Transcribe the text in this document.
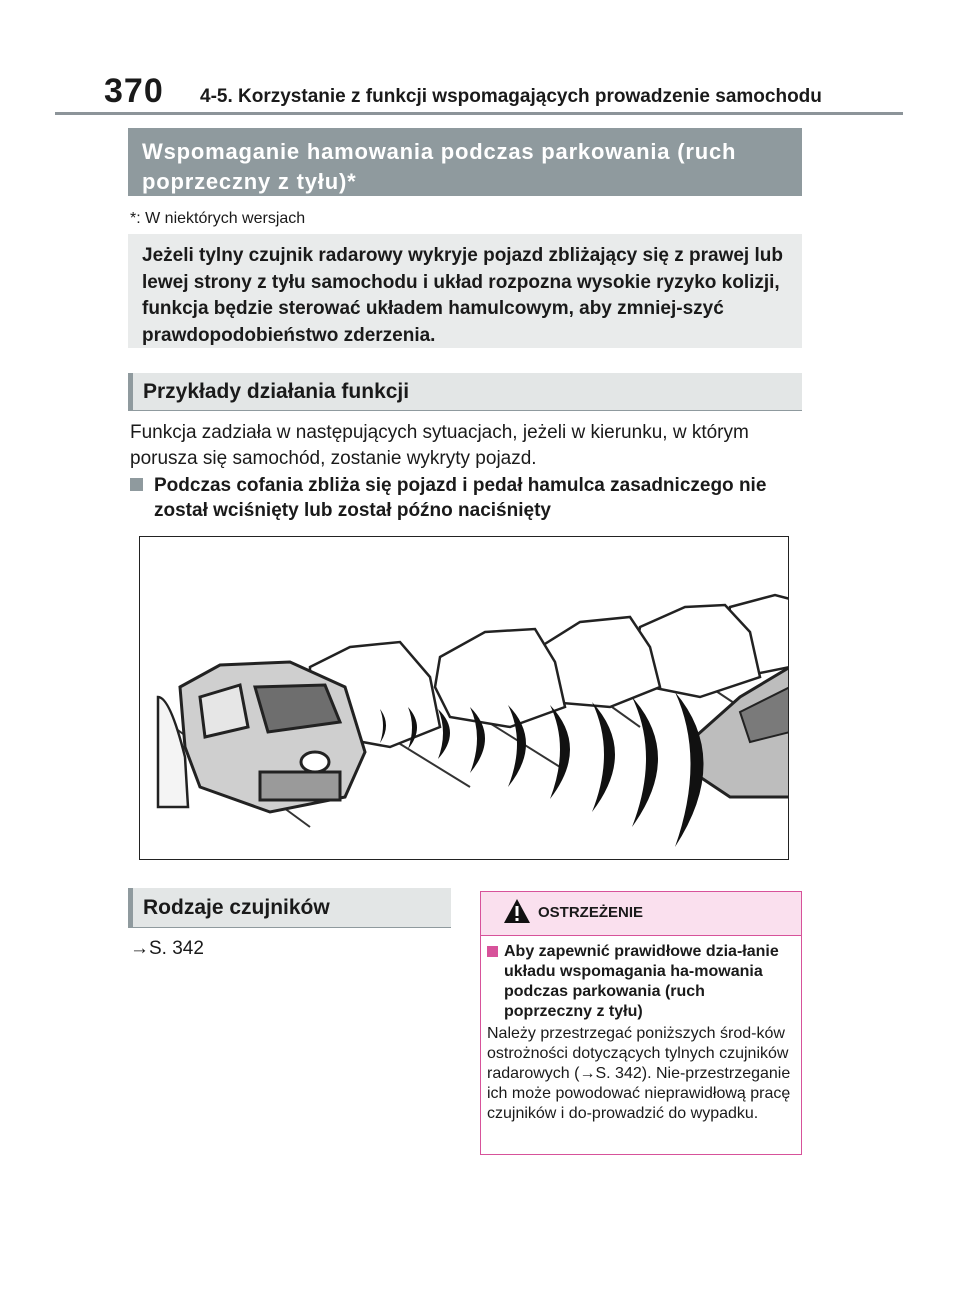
370 4-5. Korzystanie z funkcji wspomagających prowadzenie samochodu
Wspomaganie hamowania podczas parkowania (ruch
poprzeczny z tyłu)*
*: W niektórych wersjach
Jeżeli tylny czujnik radarowy wykryje pojazd zbliżający się z prawej lub lewej strony z tyłu samochodu i układ rozpozna wysokie ryzyko kolizji, funkcja będzie sterować układem hamulcowym, aby zmniej-szyć prawdopodobieństwo zderzenia.
Przykłady działania funkcji
Funkcja zadziała w następujących sytuacjach, jeżeli w kierunku, w którym porusza się samochód, zostanie wykryty pojazd.
Podczas cofania zbliża się pojazd i pedał hamulca zasadniczego nie został wciśnięty lub został późno naciśnięty
Rodzaje czujników
→S. 342
OSTRZEŻENIE
Aby zapewnić prawidłowe dzia-łanie układu wspomagania ha-mowania podczas parkowania (ruch poprzeczny z tyłu)
Należy przestrzegać poniższych środ-ków ostrożności dotyczących tylnych czujników radarowych (→S. 342). Nie-przestrzeganie ich może powodować nieprawidłową pracę czujników i do-prowadzić do wypadku.
